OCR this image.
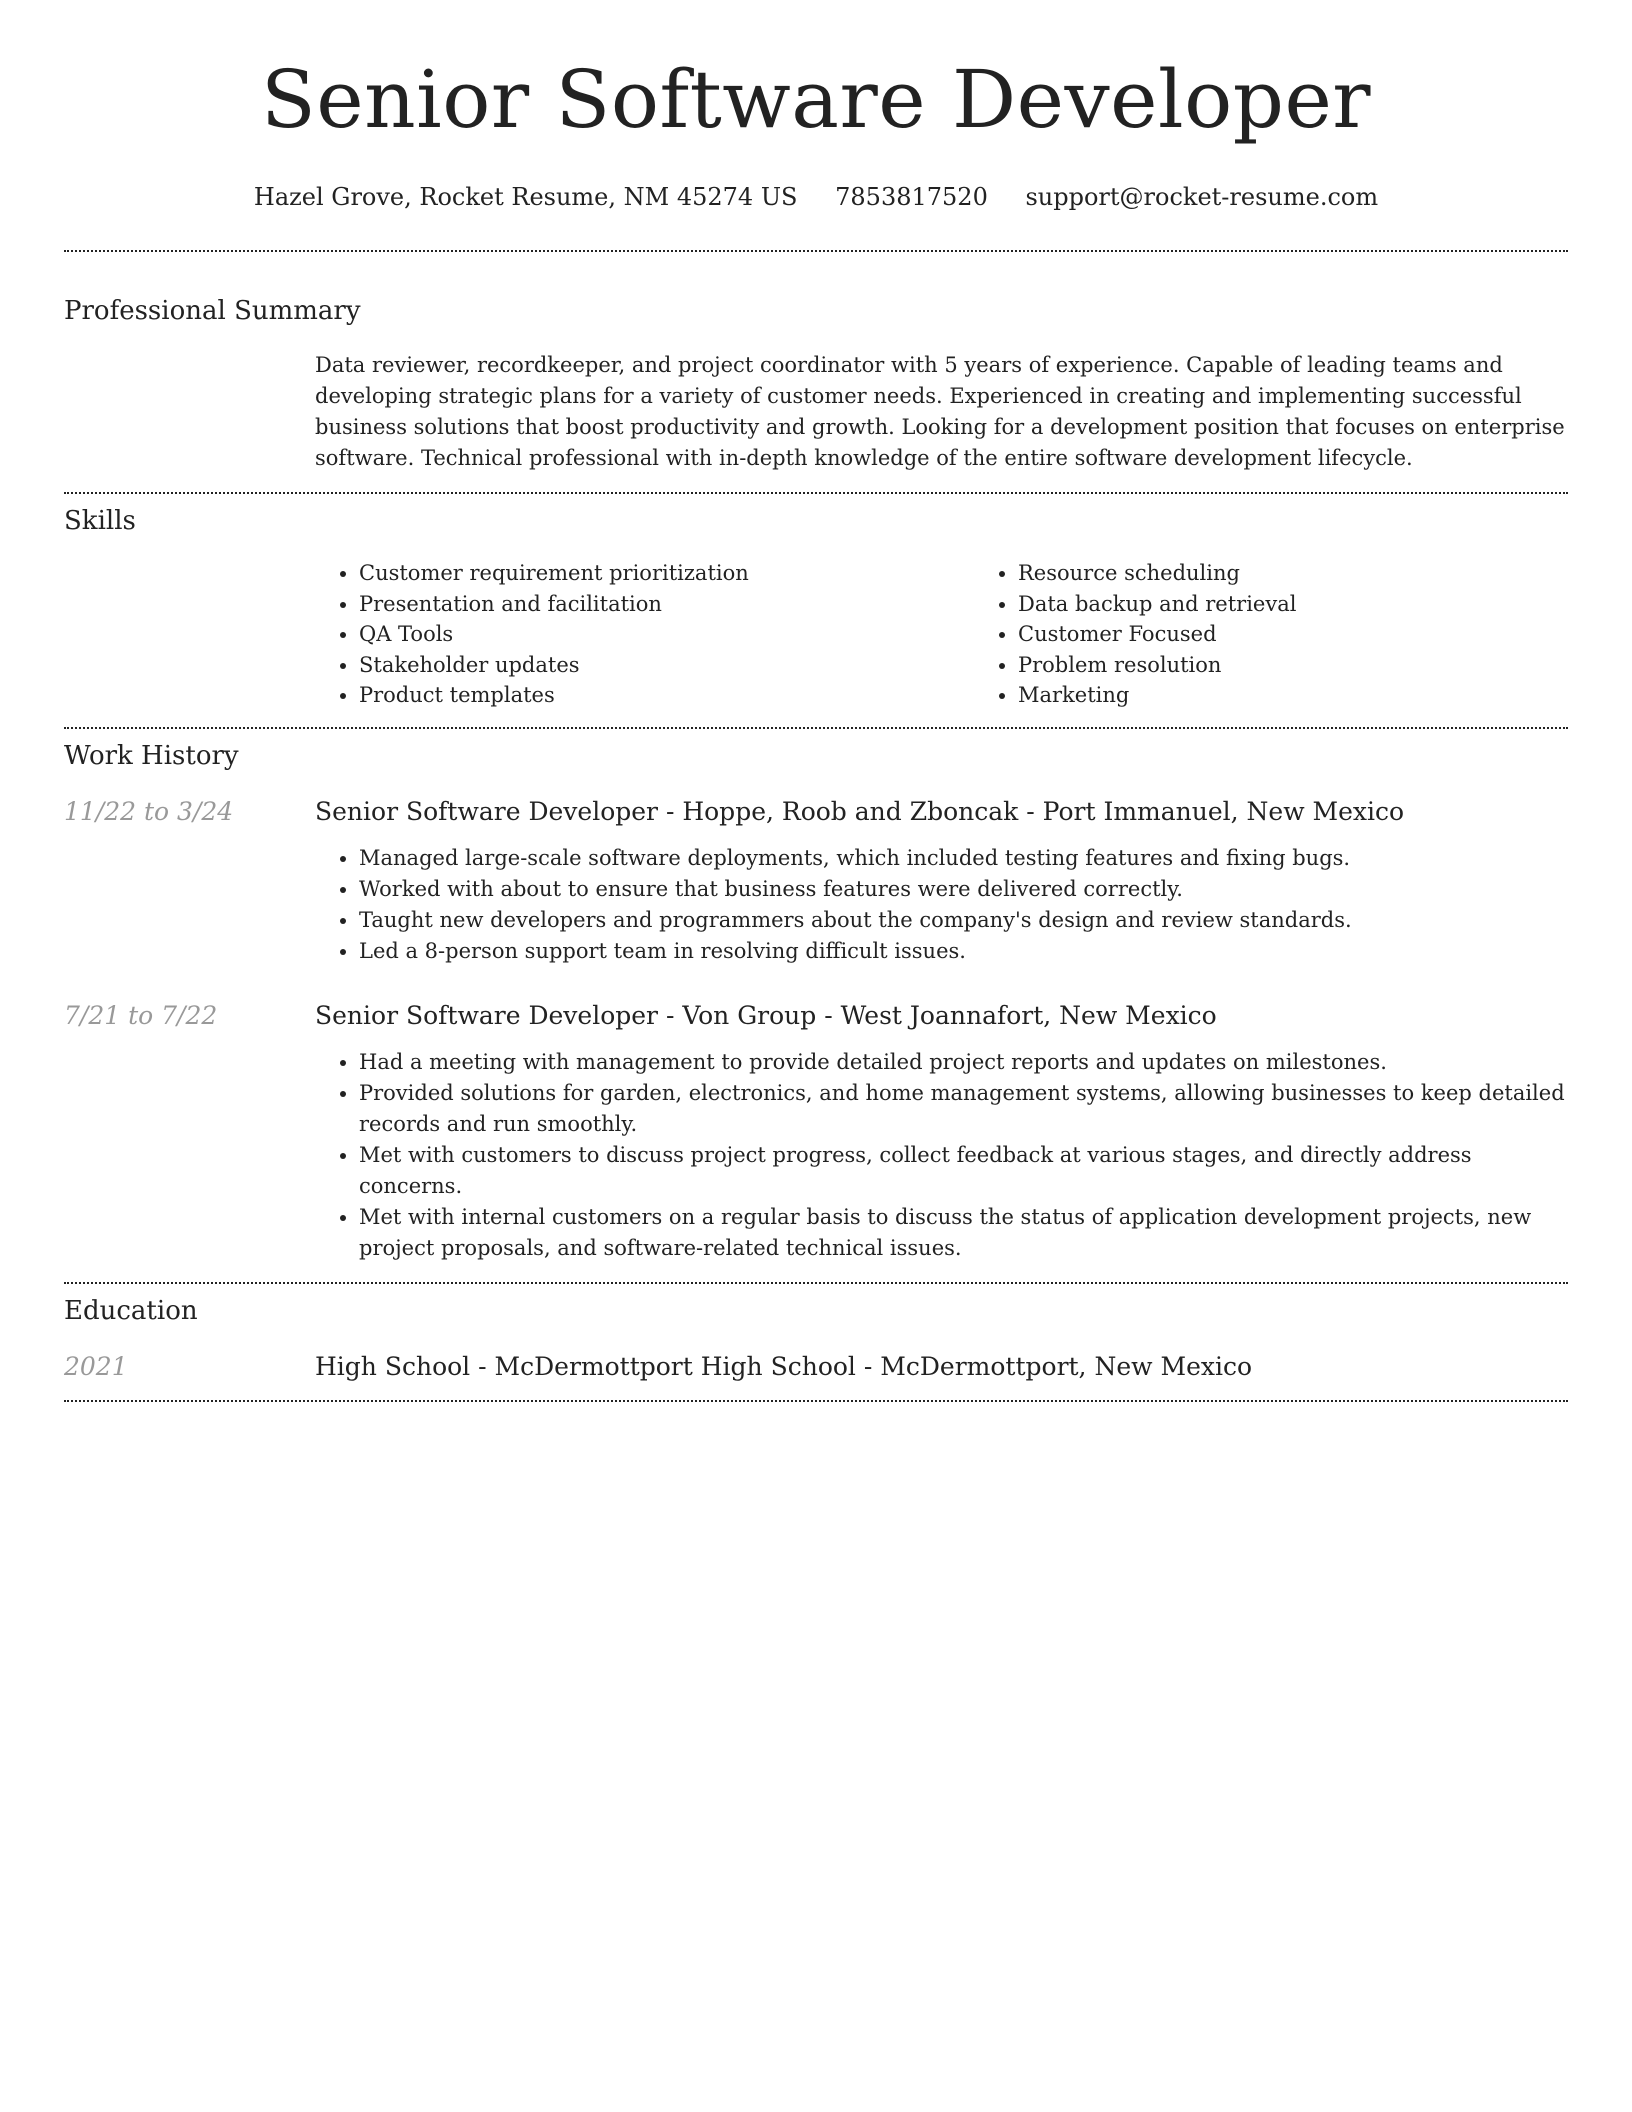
Senior Software Developer
Hazel Grove, Rocket Resume, NM 45274 US 7853817520 support@rocket-resume.com
Professional Summary
Data reviewer, recordkeeper, and project coordinator with 5 years of experience. Capable of leading teams and developing strategic plans for a variety of customer needs. Experienced in creating and implementing successful business solutions that boost productivity and growth. Looking for a development position that focuses on enterprise software. Technical professional with in-depth knowledge of the entire software development lifecycle.
Skills
• Customer requirement prioritization
• Presentation and facilitation
• QA Tools
• Stakeholder updates
• Product templates
• Resource scheduling
• Data backup and retrieval
• Customer Focused
• Problem resolution
• Marketing
Work History
11/22 to 3/24	Senior Software Developer - Hoppe, Roob and Zboncak - Port Immanuel, New Mexico
• Managed large-scale software deployments, which included testing features and fixing bugs.
• Worked with about to ensure that business features were delivered correctly.
• Taught new developers and programmers about the company's design and review standards.
• Led a 8-person support team in resolving difficult issues.
7/21 to 7/22	Senior Software Developer - Von Group - West Joannafort, New Mexico
• Had a meeting with management to provide detailed project reports and updates on milestones.
• Provided solutions for garden, electronics, and home management systems, allowing businesses to keep detailed records and run smoothly.
• Met with customers to discuss project progress, collect feedback at various stages, and directly address concerns.
• Met with internal customers on a regular basis to discuss the status of application development projects, new project proposals, and software-related technical issues.
Education
2021	High School - McDermottport High School - McDermottport, New Mexico
